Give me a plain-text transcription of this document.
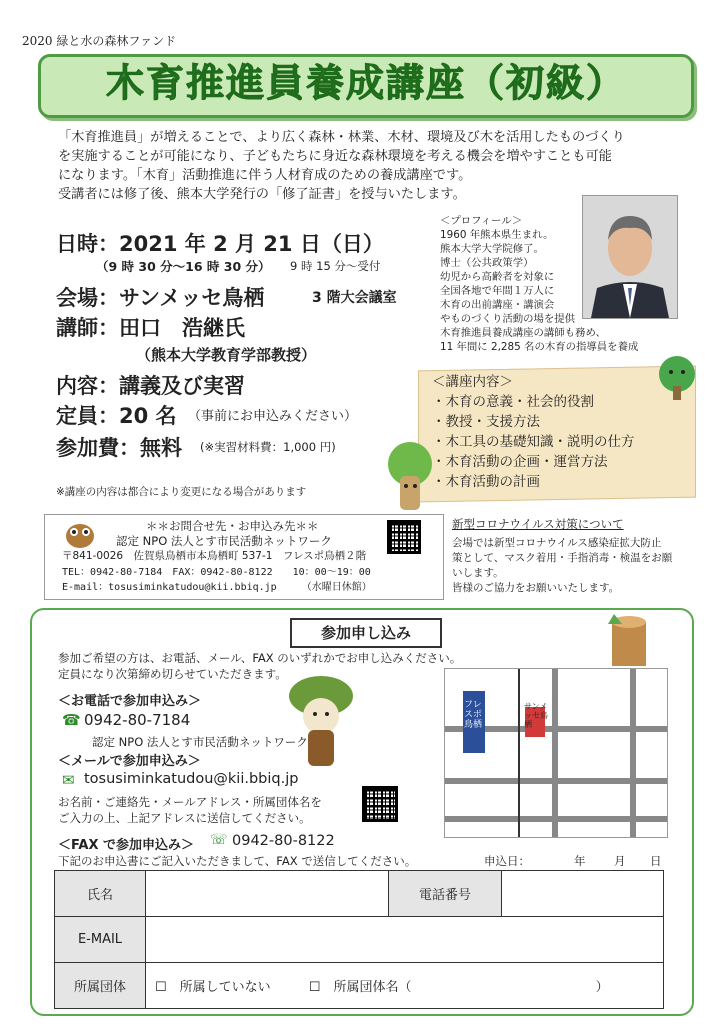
2020 緑と水の森林ファンド
木育推進員養成講座（初級）
「木育推進員」が増えることで、より広く森林・林業、木材、環境及び木を活用したものづくり
を実施することが可能になり、子どもたちに身近な森林環境を考える機会を増やすことも可能
になります。「木育」活動推進に伴う人材育成のための養成講座です。
受講者には修了後、熊本大学発行の「修了証書」を授与いたします。
日時：2021 年 2 月 21 日（日）
（9 時 30 分～16 時 30 分） 9 時 15 分～受付
会場：サンメッセ鳥栖	3 階大会議室
講師：田口　浩継氏
（熊本大学教育学部教授）
内容：講義及び実習
定員：20 名 （事前にお申込みください）
参加費：無料 (※実習材料費：1,000 円)
※講座の内容は都合により変更になる場合があります
＜プロフィール＞
1960 年熊本県生まれ。
熊本大学大学院修了。
博士（公共政策学）
幼児から高齢者を対象に
全国各地で年間１万人に
木育の出前講座・講演会
やものづくり活動の場を提供
木育推進員養成講座の講師も務め、
11 年間に 2,285 名の木育の指導員を養成
＜講座内容＞
・木育の意義・社会的役割
・教授・支援方法
・木工具の基礎知識・説明の仕方
・木育活動の企画・運営方法
・木育活動の計画
＊＊お問合せ先・お申込み先＊＊
認定 NPO 法人とす市民活動ネットワーク
〒841-0026　佐賀県鳥栖市本鳥栖町 537-1　フレスポ鳥栖２階
TEL：0942-80-7184　FAX：0942-80-8122　　10：00～19：00
E-mail：tosusiminkatudou@kii.bbiq.jp　　　（水曜日休館）
新型コロナウイルス対策について
会場では新型コロナウイルス感染症拡大防止
策として、マスク着用・手指消毒・検温をお願
いします。
皆様のご協力をお願いいたします。
参加申し込み
参加ご希望の方は、お電話、メール、FAX のいずれかでお申し込みください。
定員になり次第締め切らせていただきます。
＜お電話で参加申込み＞
☎ 0942-80-7184
認定 NPO 法人とす市民活動ネットワーク
＜メールで参加申込み＞
✉ tosusiminkatudou@kii.bbiq.jp
お名前・ご連絡先・メールアドレス・所属団体名を
ご入力の上、上記アドレスに送信してください。
＜FAX で参加申込み＞ ☏ 0942-80-8122
下記のお申込書にご記入いただきまして、FAX で送信してください。	申込日：	年 月 日
フレスポ鳥栖
サンメッセ鳥栖
氏名		電話番号	
E-MAIL			
所属団体	☐　所属していない ☐　所属団体名（ ）		
